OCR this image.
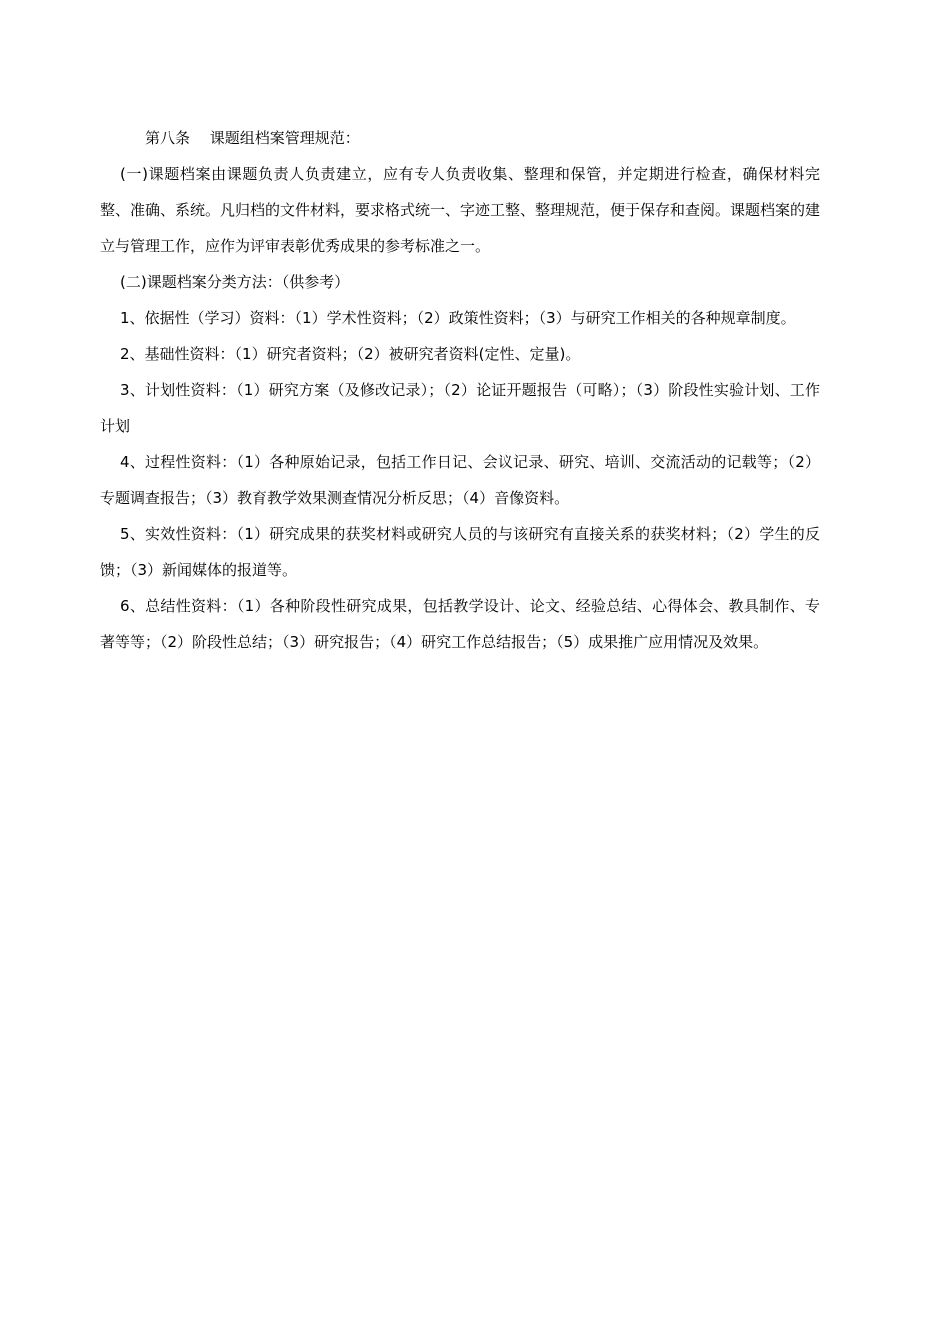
第八条　 课题组档案管理规范：

(一)课题档案由课题负责人负责建立，应有专人负责收集、整理和保管，并定期进行检查，确保材料完整、准确、系统。凡归档的文件材料，要求格式统一、字迹工整、整理规范，便于保存和查阅。课题档案的建立与管理工作，应作为评审表彰优秀成果的参考标准之一。

(二)课题档案分类方法：（供参考）

1、依据性（学习）资料：（1）学术性资料；（2）政策性资料；（3）与研究工作相关的各种规章制度。

2、基础性资料：（1）研究者资料；（2）被研究者资料(定性、定量)。

3、计划性资料：（1）研究方案（及修改记录）；（2）论证开题报告（可略）；（3）阶段性实验计划、工作计划

4、过程性资料：（1）各种原始记录，包括工作日记、会议记录、研究、培训、交流活动的记载等；（2）专题调查报告；（3）教育教学效果测查情况分析反思；（4）音像资料。

5、实效性资料：（1）研究成果的获奖材料或研究人员的与该研究有直接关系的获奖材料；（2）学生的反馈；（3）新闻媒体的报道等。

6、总结性资料：（1）各种阶段性研究成果，包括教学设计、论文、经验总结、心得体会、教具制作、专著等等；（2）阶段性总结；（3）研究报告；（4）研究工作总结报告；（5）成果推广应用情况及效果。
